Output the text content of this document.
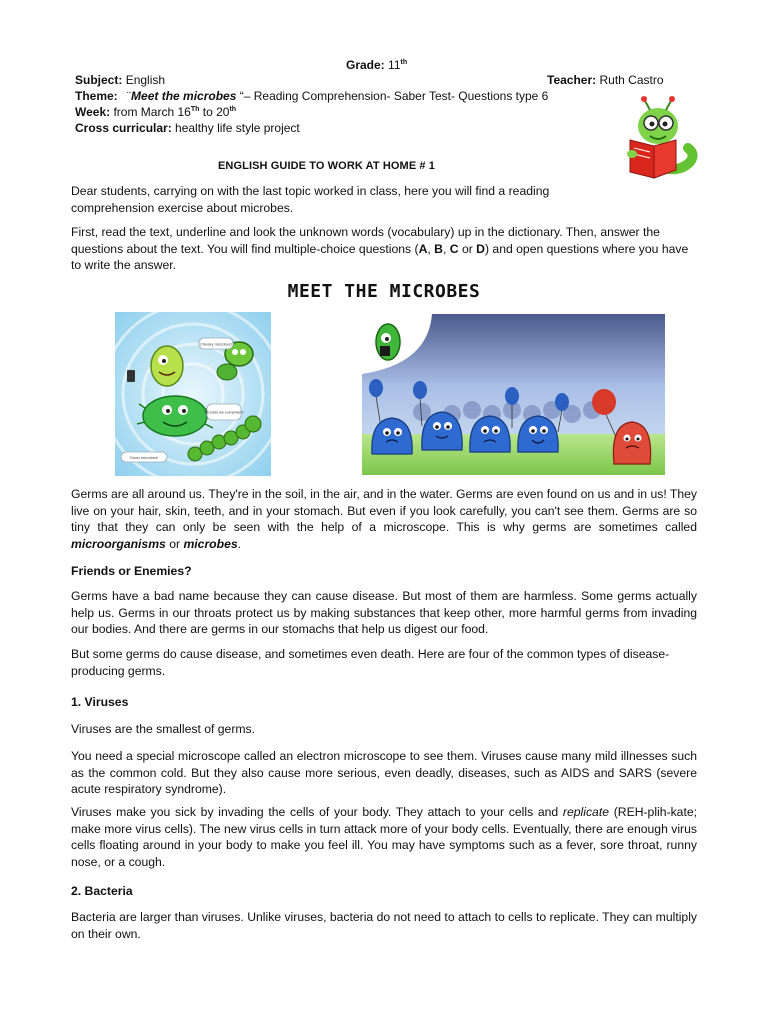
Grade: 11th
Subject: English	Teacher: Ruth Castro
Theme: ¨Meet the microbes “– Reading Comprehension- Saber Test- Questions type 6
Week: from March 16Th to 20th
Cross curricular: healthy life style project
ENGLISH GUIDE TO WORK AT HOME # 1
Dear students, carrying on with the last topic worked in class, here you will find a reading comprehension exercise about microbes.
First, read the text, underline and look the unknown words (vocabulary) up in the dictionary. Then, answer the questions about the text. You will find multiple-choice questions (A, B, C or D) and open questions where you have to write the answer.
MEET THE MICROBES
Cheeky microbes!
Microbes are everywhere!
Good microbes!
Germs are all around us. They're in the soil, in the air, and in the water. Germs are even found on us and in us! They live on your hair, skin, teeth, and in your stomach. But even if you look carefully, you can't see them. Germs are so tiny that they can only be seen with the help of a microscope. This is why germs are sometimes called microorganisms or microbes.
Friends or Enemies?
Germs have a bad name because they can cause disease. But most of them are harmless. Some germs actually help us. Germs in our throats protect us by making substances that keep other, more harmful germs from invading our bodies. And there are germs in our stomachs that help us digest our food.
But some germs do cause disease, and sometimes even death. Here are four of the common types of disease-producing germs.
1. Viruses
Viruses are the smallest of germs.
You need a special microscope called an electron microscope to see them. Viruses cause many mild illnesses such as the common cold. But they also cause more serious, even deadly, diseases, such as AIDS and SARS (severe acute respiratory syndrome).
Viruses make you sick by invading the cells of your body. They attach to your cells and replicate (REH-plih-kate; make more virus cells). The new virus cells in turn attack more of your body cells. Eventually, there are enough virus cells floating around in your body to make you feel ill. You may have symptoms such as a fever, sore throat, runny nose, or a cough.
2. Bacteria
Bacteria are larger than viruses. Unlike viruses, bacteria do not need to attach to cells to replicate. They can multiply on their own.
